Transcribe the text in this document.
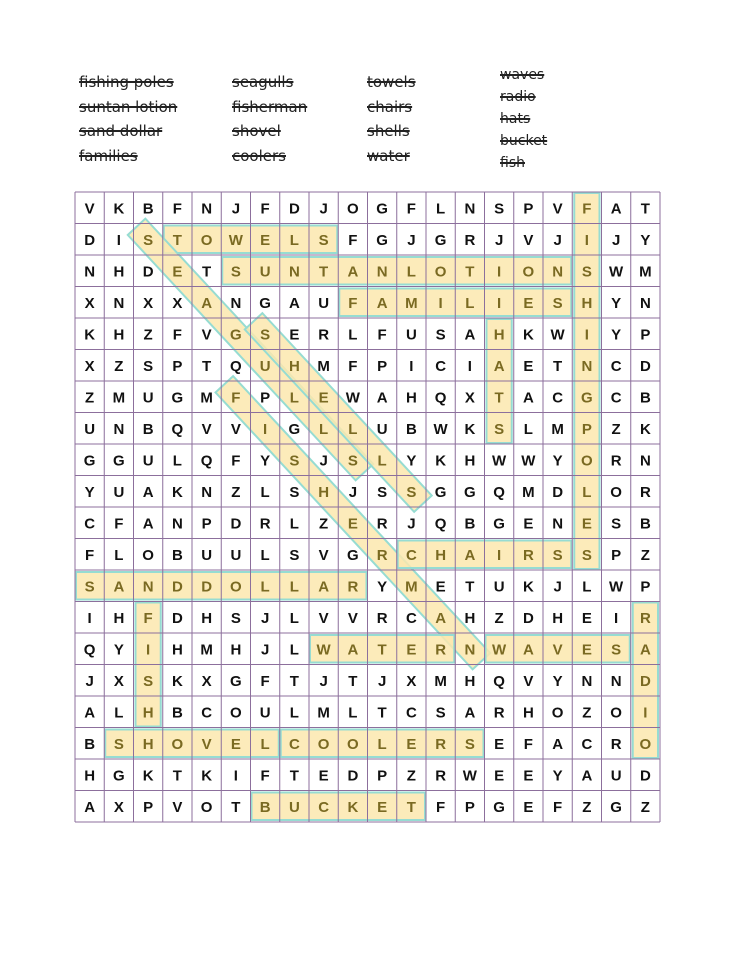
fishing poles
suntan lotion
sand dollar
families
seagulls
fisherman
shovel
coolers
towels
chairs
shells
water
waves
radio
hats
bucket
fish
V K B F N J F D J O G F L N S P V F A T
D I S T O W E L S F G J G R J V J I J Y
N H D E T S U N T A N L O T I O N S W M
X N X X A N G A U F A M I L I E S H Y N
K H Z F V G S E R L F U S A H K W I Y P
X Z S P T Q U H M F P I C I A E T N C D
Z M U G M F P L E W A H Q X T A C G C B
U N B Q V V I G L L U B W K S L M P Z K
G G U L Q F Y S J S L Y K H W W Y O R N
Y U A K N Z L S H J S S G G Q M D L O R
C F A N P D R L Z E R J Q B G E N E S B
F L O B U U L S V G R C H A I R S S P Z
S A N D D O L L A R Y M E T U K J L W P
I H F D H S J L V V R C A H Z D H E I R
Q Y I H M H J L W A T E R N W A V E S A
J X S K X G F T J T J X M H Q V Y N N D
A L H B C O U L M L T C S A R H O Z O I
B S H O V E L C O O L E R S E F A C R O
H G K T K I F T E D P Z R W E E Y A U D
A X P V O T B U C K E T F P G E F Z G Z
